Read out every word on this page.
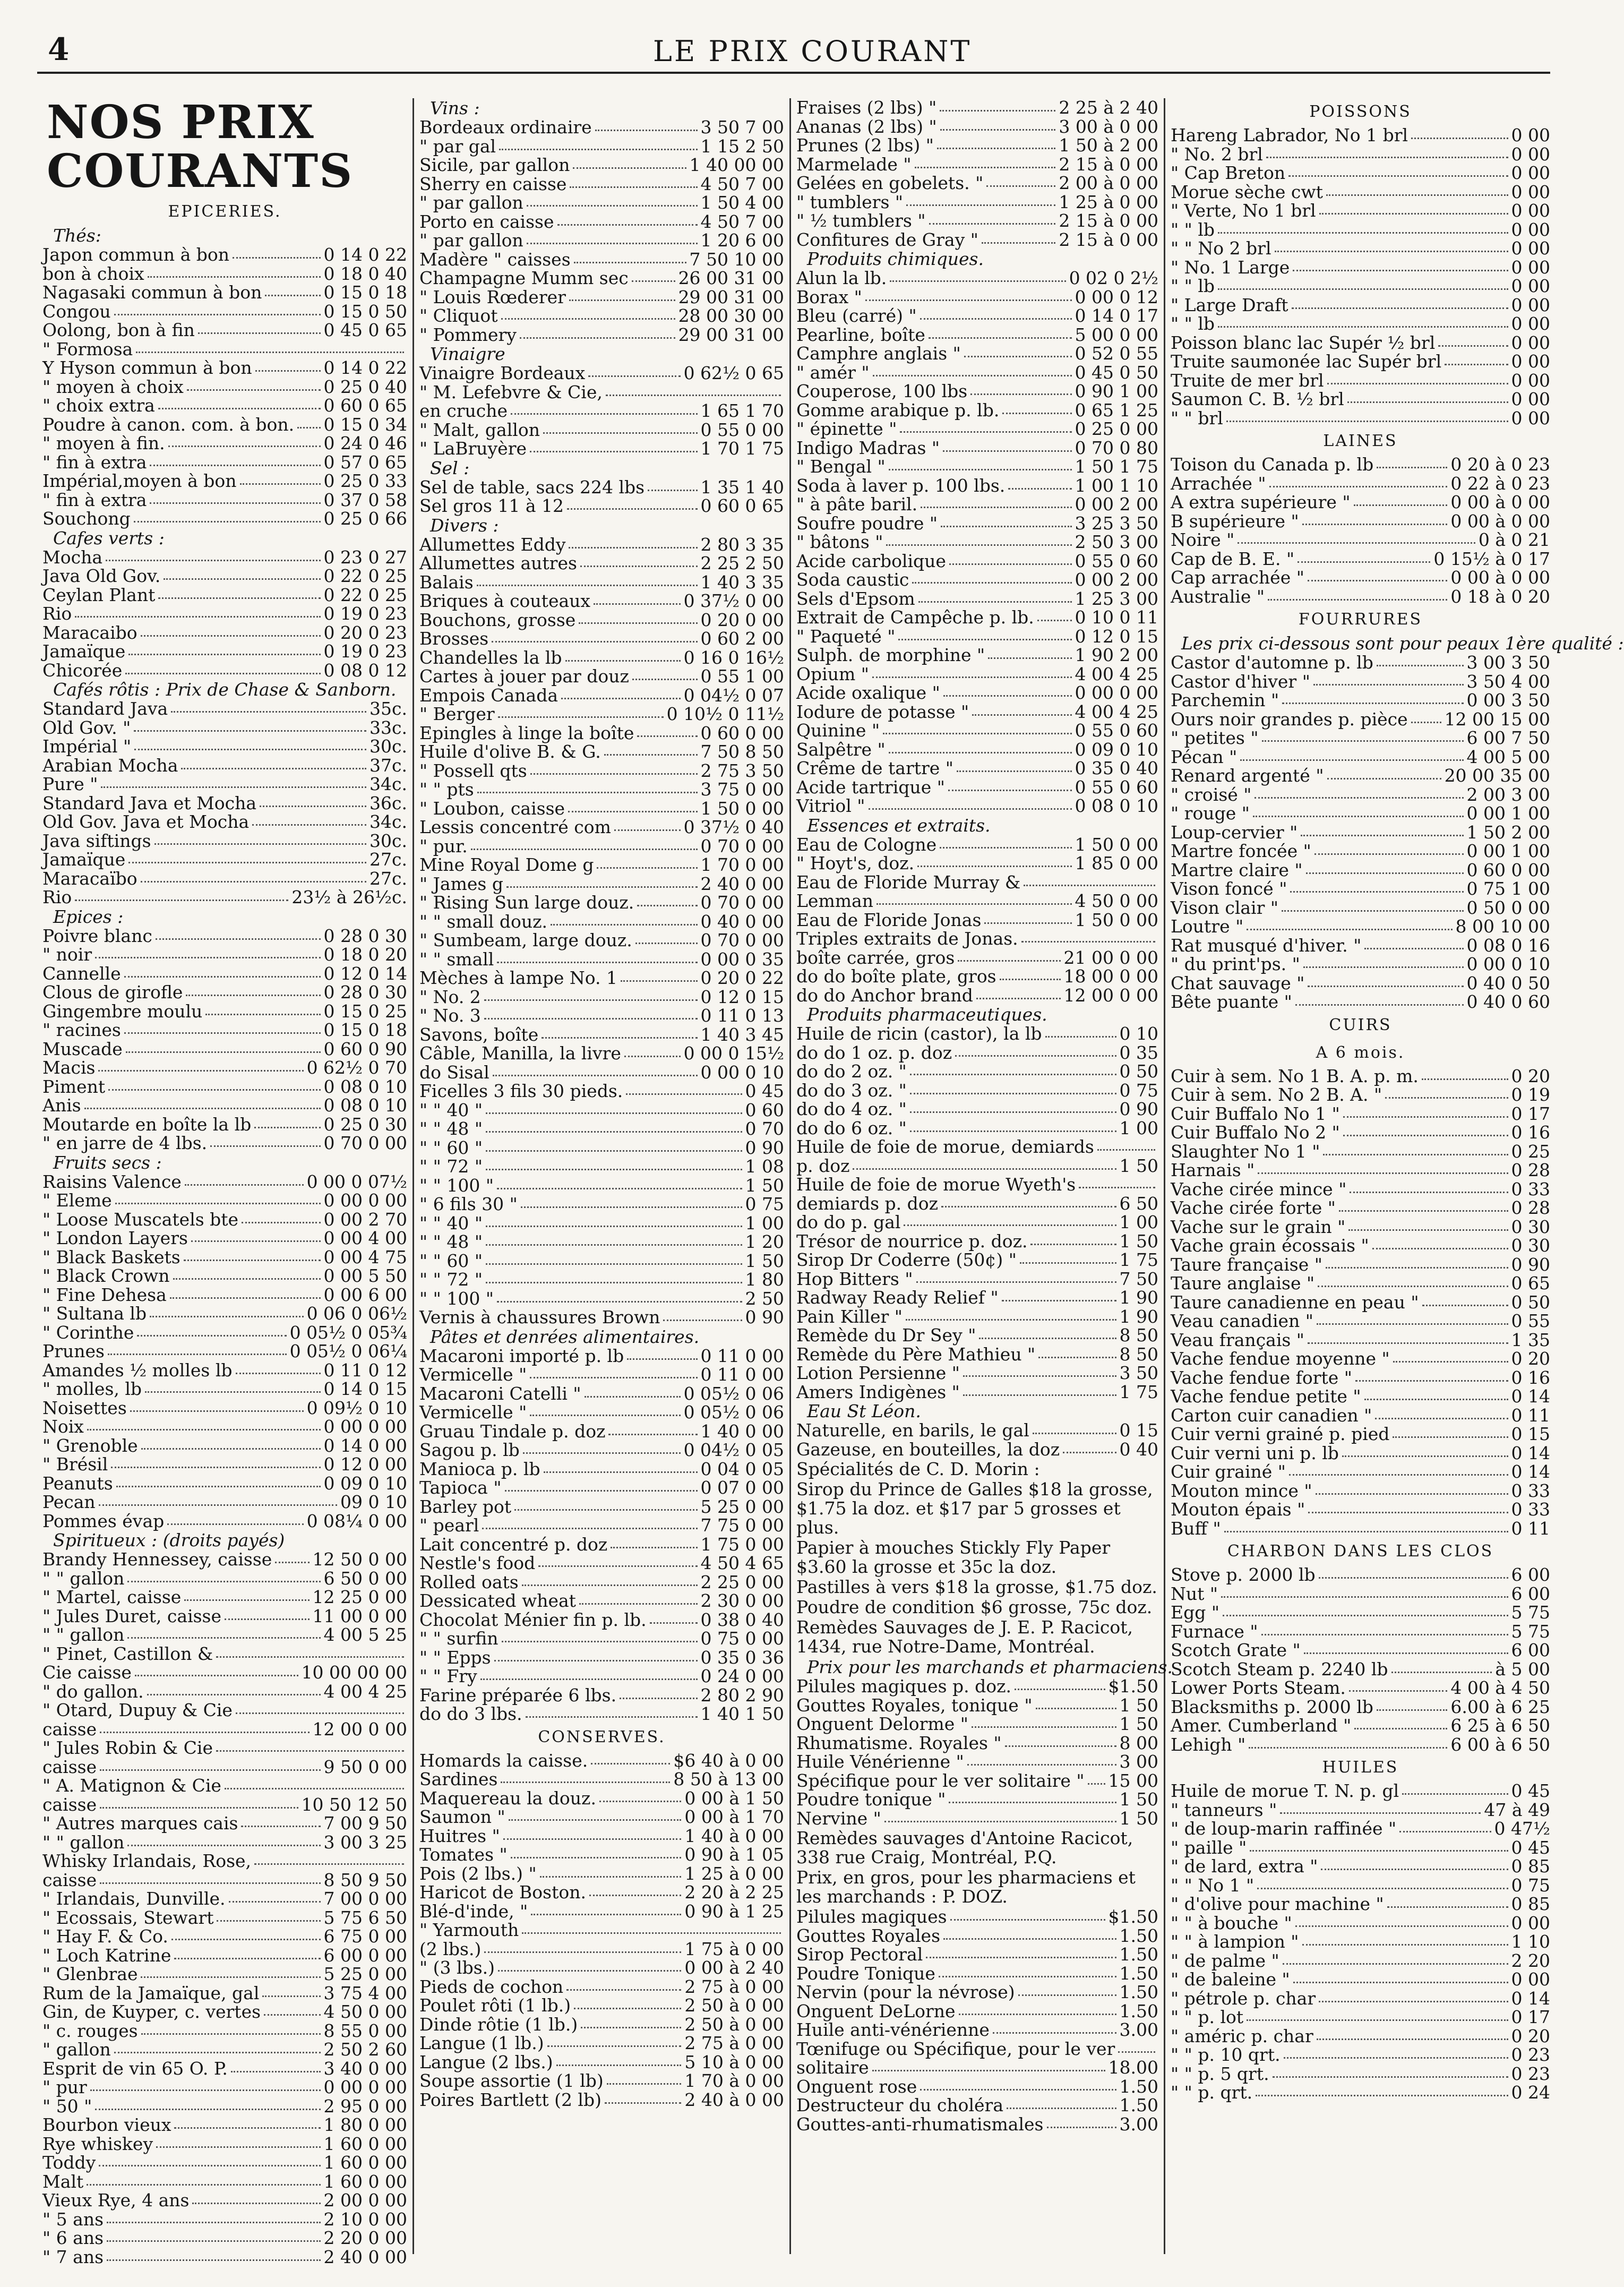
4	LE PRIX COURANT
NOS PRIX COURANTS
EPICERIES.
Thés:
Japon commun à bon	0 14 0 22
bon à choix	0 18 0 40
Nagasaki commun à bon	0 15 0 18
Congou	0 15 0 50
Oolong, bon à fin	0 45 0 65
" Formosa
Y Hyson commun à bon	0 14 0 22
" moyen à choix	0 25 0 40
" choix extra	0 60 0 65
Poudre à canon. com. à bon. 0 15 0 34
" moyen à fin.	0 24 0 46
" fin à extra	0 57 0 65
Impérial,moyen à bon	0 25 0 33
" fin à extra	0 37 0 58
Souchong	0 25 0 66
Cafes verts :
Mocha	0 23 0 27
Java Old Gov.	0 22 0 25
Ceylan Plant	0 22 0 25
Rio	0 19 0 23
Maracaibo	0 20 0 23
Jamaïque	0 19 0 23
Chicorée	0 08 0 12
Cafés rôtis : Prix de Chase & Sanborn.
Standard Java	35c.
Old Gov. "	33c.
Impérial "	30c.
Arabian Mocha	37c.
Pure "	34c.
Standard Java et Mocha	36c.
Old Gov. Java et Mocha	34c.
Java siftings	30c.
Jamaïque	27c.
Maracaïbo	27c.
Rio	23½ à 26½c.
Epices :
Poivre blanc	0 28 0 30
" noir	0 18 0 20
Cannelle	0 12 0 14
Clous de girofle	0 28 0 30
Gingembre moulu	0 15 0 25
" racines	0 15 0 18
Muscade	0 60 0 90
Macis	0 62½ 0 70
Piment	0 08 0 10
Anis	0 08 0 10
Moutarde en boîte la lb	0 25 0 30
" en jarre de 4 lbs.	0 70 0 00
Fruits secs :
Raisins Valence	0 00 0 07½
" Eleme	0 00 0 00
" Loose Muscatels bte	0 00 2 70
" London Layers	0 00 4 00
" Black Baskets	0 00 4 75
" Black Crown	0 00 5 50
" Fine Dehesa	0 00 6 00
" Sultana lb	0 06 0 06½
" Corinthe	0 05½ 0 05¾
Prunes	0 05½ 0 06¼
Amandes ½ molles lb	0 11 0 12
" molles, lb	0 14 0 15
Noisettes	0 09½ 0 10
Noix	0 00 0 00
" Grenoble	0 14 0 00
" Brésil	0 12 0 00
Peanuts	0 09 0 10
Pecan	09 0 10
Pommes évap	0 08¼ 0 00
Spiritueux : (droits payés)
Brandy Hennessey, caisse 12 50 0 00
" " gallon	6 50 0 00
" Martel, caisse	12 25 0 00
" Jules Duret, caisse	11 00 0 00
" " gallon	4 00 5 25
" Pinet, Castillon &
Cie caisse	10 00 00 00
" do gallon.	4 00 4 25
" Otard, Dupuy & Cie
caisse	12 00 0 00
" Jules Robin & Cie
caisse	9 50 0 00
" A. Matignon & Cie
caisse	10 50 12 50
" Autres marques cais	7 00 9 50
" " gallon	3 00 3 25
Whisky Irlandais, Rose,
caisse	8 50 9 50
" Irlandais, Dunville.	7 00 0 00
" Ecossais, Stewart	5 75 6 50
" Hay F. & Co.	6 75 0 00
" Loch Katrine	6 00 0 00
" Glenbrae	5 25 0 00
Rum de la Jamaïque, gal	3 75 4 00
Gin, de Kuyper, c. vertes	4 50 0 00
" c. rouges	8 55 0 00
" gallon	2 50 2 60
Esprit de vin 65 O. P.	3 40 0 00
" pur	0 00 0 00
" 50 "	2 95 0 00
Bourbon vieux	1 80 0 00
Rye whiskey	1 60 0 00
Toddy	1 60 0 00
Malt	1 60 0 00
Vieux Rye, 4 ans	2 00 0 00
" 5 ans	2 10 0 00
" 6 ans	2 20 0 00
" 7 ans	2 40 0 00
Vins :
Bordeaux ordinaire	3 50 7 00
" par gal	1 15 2 50
Sicile, par gallon	1 40 00 00
Sherry en caisse	4 50 7 00
" par gallon	1 50 4 00
Porto en caisse	4 50 7 00
" par gallon	1 20 6 00
Madère " caisses	7 50 10 00
Champagne Mumm sec	26 00 31 00
" Louis Rœderer	29 00 31 00
" Cliquot	28 00 30 00
" Pommery	29 00 31 00
Vinaigre
Vinaigre Bordeaux	0 62½ 0 65
" M. Lefebvre & Cie,
en cruche	1 65 1 70
" Malt, gallon	0 55 0 00
" LaBruyère	1 70 1 75
Sel :
Sel de table, sacs 224 lbs	1 35 1 40
Sel gros 11 à 12	0 60 0 65
Divers :
Allumettes Eddy	2 80 3 35
Allumettes autres	2 25 2 50
Balais	1 40 3 35
Briques à couteaux	0 37½ 0 00
Bouchons, grosse	0 20 0 00
Brosses	0 60 2 00
Chandelles la lb	0 16 0 16½
Cartes à jouer par douz	0 55 1 00
Empois Canada	0 04½ 0 07
" Berger	0 10½ 0 11½
Epingles à linge la boîte	0 60 0 00
Huile d'olive B. & G.	7 50 8 50
" Possell qts	2 75 3 50
" " pts	3 75 0 00
" Loubon, caisse	1 50 0 00
Lessis concentré com	0 37½ 0 40
" pur.	0 70 0 00
Mine Royal Dome g	1 70 0 00
" James g	2 40 0 00
" Rising Sun large douz.	0 70 0 00
" " small douz.	0 40 0 00
" Sumbeam, large douz.	0 70 0 00
" " small	0 00 0 35
Mèches à lampe No. 1	0 20 0 22
" No. 2	0 12 0 15
" No. 3	0 11 0 13
Savons, boîte	1 40 3 45
Câble, Manilla, la livre	0 00 0 15½
do Sisal	0 00 0 10
Ficelles 3 fils 30 pieds.	0 45
" " 40 "	0 60
" " 48 "	0 70
" " 60 "	0 90
" " 72 "	1 08
" " 100 "	1 50
" 6 fils 30 "	0 75
" " 40 "	1 00
" " 48 "	1 20
" " 60 "	1 50
" " 72 "	1 80
" " 100 "	2 50
Vernis à chaussures Brown	0 90
Pâtes et denrées alimentaires.
Macaroni importé p. lb	0 11 0 00
Vermicelle "	0 11 0 00
Macaroni Catelli "	0 05½ 0 06
Vermicelle "	0 05½ 0 06
Gruau Tindale p. doz	1 40 0 00
Sagou p. lb	0 04½ 0 05
Manioca p. lb	0 04 0 05
Tapioca "	0 07 0 00
Barley pot	5 25 0 00
" pearl	7 75 0 00
Lait concentré p. doz	1 75 0 00
Nestle's food	4 50 4 65
Rolled oats	2 25 0 00
Dessicated wheat	2 30 0 00
Chocolat Ménier fin p. lb.	0 38 0 40
" " surfin	0 75 0 00
" " Epps	0 35 0 36
" " Fry	0 24 0 00
Farine préparée 6 lbs.	2 80 2 90
do do 3 lbs.	1 40 1 50
CONSERVES.
Homards la caisse.	$6 40 à 0 00
Sardines	8 50 à 13 00
Maquereau la douz.	0 00 à 1 50
Saumon "	0 00 à 1 70
Huitres "	1 40 à 0 00
Tomates "	0 90 à 1 05
Pois (2 lbs.) "	1 25 à 0 00
Haricot de Boston.	2 20 à 2 25
Blé-d'inde, "	0 90 à 1 25
" Yarmouth
(2 lbs.)	1 75 à 0 00
" (3 lbs.)	0 00 à 2 40
Pieds de cochon	2 75 à 0 00
Poulet rôti (1 lb.)	2 50 à 0 00
Dinde rôtie (1 lb.)	2 50 à 0 00
Langue (1 lb.)	2 75 à 0 00
Langue (2 lbs.)	5 10 à 0 00
Soupe assortie (1 lb)	1 70 à 0 00
Poires Bartlett (2 lb)	2 40 à 0 00
Fraises (2 lbs) "	2 25 à 2 40
Ananas (2 lbs) "	3 00 à 0 00
Prunes (2 lbs) "	1 50 à 2 00
Marmelade "	2 15 à 0 00
Gelées en gobelets. "	2 00 à 0 00
" tumblers "	1 25 à 0 00
" ½ tumblers "	2 15 à 0 00
Confitures de Gray "	2 15 à 0 00
Produits chimiques.
Alun la lb.	0 02 0 2½
Borax "	0 00 0 12
Bleu (carré) "	0 14 0 17
Pearline, boîte	5 00 0 00
Camphre anglais "	0 52 0 55
" amér "	0 45 0 50
Couperose, 100 lbs	0 90 1 00
Gomme arabique p. lb.	0 65 1 25
" épinette "	0 25 0 00
Indigo Madras "	0 70 0 80
" Bengal "	1 50 1 75
Soda à laver p. 100 lbs.	1 00 1 10
" à pâte baril.	0 00 2 00
Soufre poudre "	3 25 3 50
" bâtons "	2 50 3 00
Acide carbolique	0 55 0 60
Soda caustic	0 00 2 00
Sels d'Epsom	1 25 3 00
Extrait de Campêche p. lb. 0 10 0 11
" Paqueté "	0 12 0 15
Sulph. de morphine "	1 90 2 00
Opium "	4 00 4 25
Acide oxalique "	0 00 0 00
Iodure de potasse "	4 00 4 25
Quinine "	0 55 0 60
Salpêtre "	0 09 0 10
Crême de tartre "	0 35 0 40
Acide tartrique "	0 55 0 60
Vitriol "	0 08 0 10
Essences et extraits.
Eau de Cologne	1 50 0 00
" Hoyt's, doz.	1 85 0 00
Eau de Floride Murray &
Lemman	4 50 0 00
Eau de Floride Jonas	1 50 0 00
Triples extraits de Jonas.
boîte carrée, gros	21 00 0 00
do do boîte plate, gros	18 00 0 00
do do Anchor brand	12 00 0 00
Produits pharmaceutiques.
Huile de ricin (castor), la lb	0 10
do do 1 oz. p. doz	0 35
do do 2 oz. "	0 50
do do 3 oz. "	0 75
do do 4 oz. "	0 90
do do 6 oz. "	1 00
Huile de foie de morue, demiards
p. doz	1 50
Huile de foie de morue Wyeth's
demiards p. doz	6 50
do do p. gal	1 00
Trésor de nourrice p. doz.	1 50
Sirop Dr Coderre (50¢) "	1 75
Hop Bitters "	7 50
Radway Ready Relief "	1 90
Pain Killer "	1 90
Remède du Dr Sey "	8 50
Remède du Père Mathieu "	8 50
Lotion Persienne "	3 50
Amers Indigènes "	1 75
Eau St Léon.
Naturelle, en barils, le gal	0 15
Gazeuse, en bouteilles, la doz	0 40
Spécialités de C. D. Morin :
Sirop du Prince de Galles $18 la grosse, $1.75 la doz. et $17 par 5 grosses et plus.
Papier à mouches Stickly Fly Paper $3.60 la grosse et 35c la doz.
Pastilles à vers $18 la grosse, $1.75 doz.
Poudre de condition $6 grosse, 75c doz.
Remèdes Sauvages de J. E. P. Racicot, 1434, rue Notre-Dame, Montréal.
Prix pour les marchands et pharmaciens.
Pilules magiques p. doz.	$1.50
Gouttes Royales, tonique "	1 50
Onguent Delorme "	1 50
Rhumatisme. Royales "	8 00
Huile Vénérienne "	3 00
Spécifique pour le ver solitaire " 15 00
Poudre tonique "	1 50
Nervine "	1 50
Remèdes sauvages d'Antoine Racicot, 338 rue Craig, Montréal, P.Q.
Prix, en gros, pour les pharmaciens et les marchands : P. DOZ.
Pilules magiques	$1.50
Gouttes Royales	1.50
Sirop Pectoral	1.50
Poudre Tonique	1.50
Nervin (pour la névrose)	1.50
Onguent DeLorne	1.50
Huile anti-vénérienne	3.00
Tœnifuge ou Spécifique, pour le ver
solitaire	18.00
Onguent rose	1.50
Destructeur du choléra	1.50
Gouttes-anti-rhumatismales	3.00
POISSONS
Hareng Labrador, No 1 brl	0 00
" No. 2 brl	0 00
" Cap Breton	0 00
Morue sèche cwt	0 00
" Verte, No 1 brl	0 00
" " lb	0 00
" " No 2 brl	0 00
" No. 1 Large	0 00
" " lb	0 00
" Large Draft	0 00
" " lb	0 00
Poisson blanc lac Supér ½ brl	0 00
Truite saumonée lac Supér brl	0 00
Truite de mer brl	0 00
Saumon C. B. ½ brl	0 00
" " brl	0 00
LAINES
Toison du Canada p. lb	0 20 à 0 23
Arrachée "	0 22 à 0 23
A extra supérieure "	0 00 à 0 00
B supérieure "	0 00 à 0 00
Noire "	0 à 0 21
Cap de B. E. "	0 15½ à 0 17
Cap arrachée "	0 00 à 0 00
Australie "	0 18 à 0 20
FOURRURES
Les prix ci-dessous sont pour peaux 1ère qualité :
Castor d'automne p. lb	3 00 3 50
Castor d'hiver "	3 50 4 00
Parchemin "	0 00 3 50
Ours noir grandes p. pièce 12 00 15 00
" petites "	6 00 7 50
Pécan "	4 00 5 00
Renard argenté "	20 00 35 00
" croisé "	2 00 3 00
" rouge "	0 00 1 00
Loup-cervier "	1 50 2 00
Martre foncée "	0 00 1 00
Martre claire "	0 60 0 00
Vison foncé "	0 75 1 00
Vison clair "	0 50 0 00
Loutre "	8 00 10 00
Rat musqué d'hiver. "	0 08 0 16
" du print'ps. "	0 00 0 10
Chat sauvage "	0 40 0 50
Bête puante "	0 40 0 60
CUIRS
A 6 mois.
Cuir à sem. No 1 B. A. p. m.	0 20
Cuir à sem. No 2 B. A. "	0 19
Cuir Buffalo No 1 "	0 17
Cuir Buffalo No 2 "	0 16
Slaughter No 1 "	0 25
Harnais "	0 28
Vache cirée mince "	0 33
Vache cirée forte "	0 28
Vache sur le grain "	0 30
Vache grain écossais "	0 30
Taure française "	0 90
Taure anglaise "	0 65
Taure canadienne en peau "	0 50
Veau canadien "	0 55
Veau français "	1 35
Vache fendue moyenne "	0 20
Vache fendue forte "	0 16
Vache fendue petite "	0 14
Carton cuir canadien "	0 11
Cuir verni grainé p. pied	0 15
Cuir verni uni p. lb	0 14
Cuir grainé "	0 14
Mouton mince "	0 33
Mouton épais "	0 33
Buff "	0 11
CHARBON DANS LES CLOS
Stove p. 2000 lb	6 00
Nut "	6 00
Egg "	5 75
Furnace "	5 75
Scotch Grate "	6 00
Scotch Steam p. 2240 lb	à 5 00
Lower Ports Steam.	4 00 à 4 50
Blacksmiths p. 2000 lb	6.00 à 6 25
Amer. Cumberland "	6 25 à 6 50
Lehigh "	6 00 à 6 50
HUILES
Huile de morue T. N. p. gl	0 45
" tanneurs "	47 à 49
" de loup-marin raffinée "	0 47½
" paille "	0 45
" de lard, extra "	0 85
" " No 1 "	0 75
" d'olive pour machine "	0 85
" " à bouche "	0 00
" " à lampion "	1 10
" de palme "	2 20
" de baleine "	0 00
" pétrole p. char	0 14
" " p. lot	0 17
" améric p. char	0 20
" " p. 10 qrt.	0 23
" " p. 5 qrt.	0 23
" " p. qrt.	0 24
